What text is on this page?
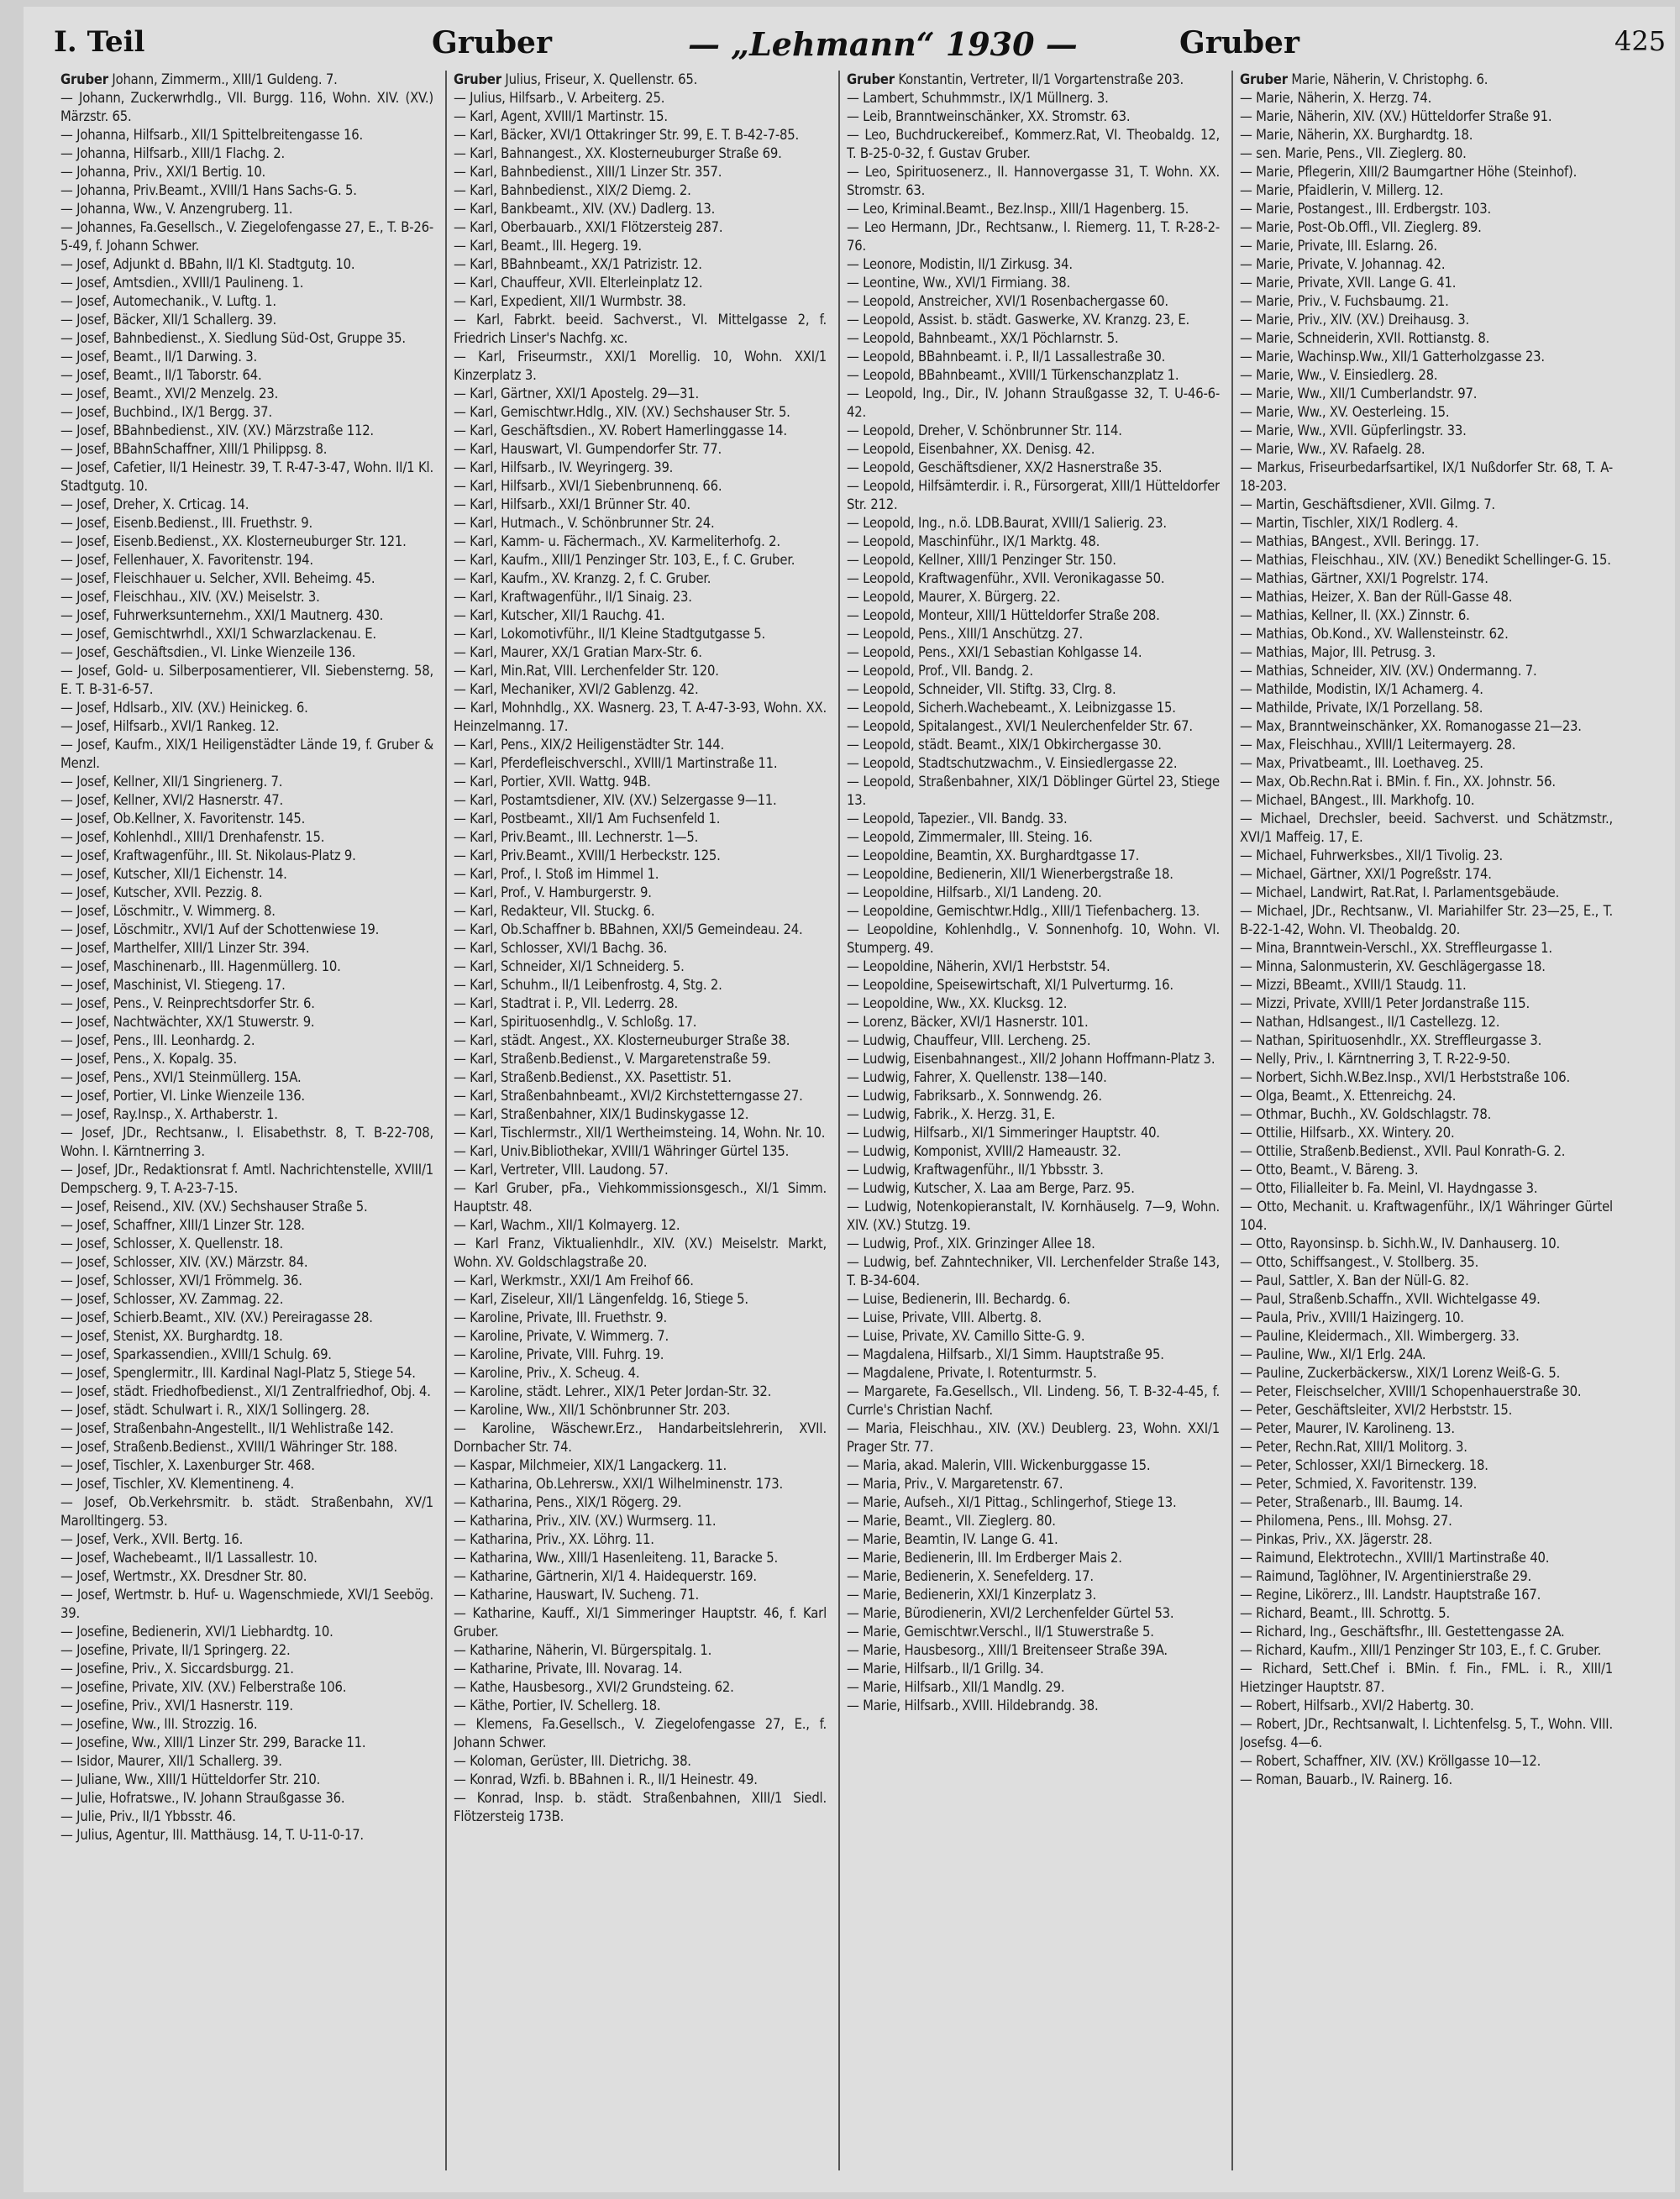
I. Teil	Gruber	— „Lehmann“ 1930 —	Gruber	425

Gruber Johann, Zimmerm., XIII/1 Guldeng. 7.

— Johann, Zuckerwrhdlg., VII. Burgg. 116, Wohn. XIV. (XV.) Märzstr. 65.

— Johanna, Hilfsarb., XII/1 Spittelbreitengasse 16.

— Johanna, Hilfsarb., XIII/1 Flachg. 2.

— Johanna, Priv., XXI/1 Bertig. 10.

— Johanna, Priv.Beamt., XVIII/1 Hans Sachs-G. 5.

— Johanna, Ww., V. Anzengruberg. 11.

— Johannes, Fa.Gesellsch., V. Ziegelofengasse 27, E., T. B-26-5-49, f. Johann Schwer.

— Josef, Adjunkt d. BBahn, II/1 Kl. Stadtgutg. 10.

— Josef, Amtsdien., XVIII/1 Paulineng. 1.

— Josef, Automechanik., V. Luftg. 1.

— Josef, Bäcker, XII/1 Schallerg. 39.

— Josef, Bahnbedienst., X. Siedlung Süd-Ost, Gruppe 35.

— Josef, Beamt., II/1 Darwing. 3.

— Josef, Beamt., II/1 Taborstr. 64.

— Josef, Beamt., XVI/2 Menzelg. 23.

— Josef, Buchbind., IX/1 Bergg. 37.

— Josef, BBahnbedienst., XIV. (XV.) Märzstraße 112.

— Josef, BBahnSchaffner, XIII/1 Philippsg. 8.

— Josef, Cafetier, II/1 Heinestr. 39, T. R-47-3-47, Wohn. II/1 Kl. Stadtgutg. 10.

— Josef, Dreher, X. Crticag. 14.

— Josef, Eisenb.Bedienst., III. Fruethstr. 9.

— Josef, Eisenb.Bedienst., XX. Klosterneuburger Str. 121.

— Josef, Fellenhauer, X. Favoritenstr. 194.

— Josef, Fleischhauer u. Selcher, XVII. Beheimg. 45.

— Josef, Fleischhau., XIV. (XV.) Meiselstr. 3.

— Josef, Fuhrwerksunternehm., XXI/1 Mautnerg. 430.

— Josef, Gemischtwrhdl., XXI/1 Schwarzlackenau. E.

— Josef, Geschäftsdien., VI. Linke Wienzeile 136.

— Josef, Gold- u. Silberposamentierer, VII. Siebensterng. 58, E. T. B-31-6-57.

— Josef, Hdlsarb., XIV. (XV.) Heinickeg. 6.

— Josef, Hilfsarb., XVI/1 Rankeg. 12.

— Josef, Kaufm., XIX/1 Heiligenstädter Lände 19, f. Gruber & Menzl.

— Josef, Kellner, XII/1 Singrienerg. 7.

— Josef, Kellner, XVI/2 Hasnerstr. 47.

— Josef, Ob.Kellner, X. Favoritenstr. 145.

— Josef, Kohlenhdl., XIII/1 Drenhafenstr. 15.

— Josef, Kraftwagenführ., III. St. Nikolaus-Platz 9.

— Josef, Kutscher, XII/1 Eichenstr. 14.

— Josef, Kutscher, XVII. Pezzig. 8.

— Josef, Löschmitr., V. Wimmerg. 8.

— Josef, Löschmitr., XVI/1 Auf der Schottenwiese 19.

— Josef, Marthelfer, XIII/1 Linzer Str. 394.

— Josef, Maschinenarb., III. Hagenmüllerg. 10.

— Josef, Maschinist, VI. Stiegeng. 17.

— Josef, Pens., V. Reinprechtsdorfer Str. 6.

— Josef, Nachtwächter, XX/1 Stuwerstr. 9.

— Josef, Pens., III. Leonhardg. 2.

— Josef, Pens., X. Kopalg. 35.

— Josef, Pens., XVI/1 Steinmüllerg. 15A.

— Josef, Portier, VI. Linke Wienzeile 136.

— Josef, Ray.Insp., X. Arthaberstr. 1.

— Josef, JDr., Rechtsanw., I. Elisabethstr. 8, T. B-22-708, Wohn. I. Kärntnerring 3.

— Josef, JDr., Redaktionsrat f. Amtl. Nachrichtenstelle, XVIII/1 Dempscherg. 9, T. A-23-7-15.

— Josef, Reisend., XIV. (XV.) Sechshauser Straße 5.

— Josef, Schaffner, XIII/1 Linzer Str. 128.

— Josef, Schlosser, X. Quellenstr. 18.

— Josef, Schlosser, XIV. (XV.) Märzstr. 84.

— Josef, Schlosser, XVI/1 Frömmelg. 36.

— Josef, Schlosser, XV. Zammag. 22.

— Josef, Schierb.Beamt., XIV. (XV.) Pereiragasse 28.

— Josef, Stenist, XX. Burghardtg. 18.

— Josef, Sparkassendien., XVIII/1 Schulg. 69.

— Josef, Spenglermitr., III. Kardinal Nagl-Platz 5, Stiege 54.

— Josef, städt. Friedhofbedienst., XI/1 Zentralfriedhof, Obj. 4.

— Josef, städt. Schulwart i. R., XIX/1 Sollingerg. 28.

— Josef, Straßenbahn-Angestellt., II/1 Wehlistraße 142.

— Josef, Straßenb.Bedienst., XVIII/1 Währinger Str. 188.

— Josef, Tischler, X. Laxenburger Str. 468.

— Josef, Tischler, XV. Klementineng. 4.

— Josef, Ob.Verkehrsmitr. b. städt. Straßenbahn, XV/1 Marolltingerg. 53.

— Josef, Verk., XVII. Bertg. 16.

— Josef, Wachebeamt., II/1 Lassallestr. 10.

— Josef, Wertmstr., XX. Dresdner Str. 80.

— Josef, Wertmstr. b. Huf- u. Wagenschmiede, XVI/1 Seebög. 39.

— Josefine, Bedienerin, XVI/1 Liebhardtg. 10.

— Josefine, Private, II/1 Springerg. 22.

— Josefine, Priv., X. Siccardsburgg. 21.

— Josefine, Private, XIV. (XV.) Felberstraße 106.

— Josefine, Priv., XVI/1 Hasnerstr. 119.

— Josefine, Ww., III. Strozzig. 16.

— Josefine, Ww., XIII/1 Linzer Str. 299, Baracke 11.

— Isidor, Maurer, XII/1 Schallerg. 39.

— Juliane, Ww., XIII/1 Hütteldorfer Str. 210.

— Julie, Hofratswe., IV. Johann Straußgasse 36.

— Julie, Priv., II/1 Ybbsstr. 46.

— Julius, Agentur, III. Matthäusg. 14, T. U-11-0-17.

Gruber Julius, Friseur, X. Quellenstr. 65.

— Julius, Hilfsarb., V. Arbeiterg. 25.

— Karl, Agent, XVIII/1 Martinstr. 15.

— Karl, Bäcker, XVI/1 Ottakringer Str. 99, E. T. B-42-7-85.

— Karl, Bahnangest., XX. Klosterneuburger Straße 69.

— Karl, Bahnbedienst., XIII/1 Linzer Str. 357.

— Karl, Bahnbedienst., XIX/2 Diemg. 2.

— Karl, Bankbeamt., XIV. (XV.) Dadlerg. 13.

— Karl, Oberbauarb., XXI/1 Flötzersteig 287.

— Karl, Beamt., III. Hegerg. 19.

— Karl, BBahnbeamt., XX/1 Patrizistr. 12.

— Karl, Chauffeur, XVII. Elterleinplatz 12.

— Karl, Expedient, XII/1 Wurmbstr. 38.

— Karl, Fabrkt. beeid. Sachverst., VI. Mittelgasse 2, f. Friedrich Linser's Nachfg. xc.

— Karl, Friseurmstr., XXI/1 Morellig. 10, Wohn. XXI/1 Kinzerplatz 3.

— Karl, Gärtner, XXI/1 Apostelg. 29—31.

— Karl, Gemischtwr.Hdlg., XIV. (XV.) Sechshauser Str. 5.

— Karl, Geschäftsdien., XV. Robert Hamerlinggasse 14.

— Karl, Hauswart, VI. Gumpendorfer Str. 77.

— Karl, Hilfsarb., IV. Weyringerg. 39.

— Karl, Hilfsarb., XVI/1 Siebenbrunnenq. 66.

— Karl, Hilfsarb., XXI/1 Brünner Str. 40.

— Karl, Hutmach., V. Schönbrunner Str. 24.

— Karl, Kamm- u. Fächermach., XV. Karmeliterhofg. 2.

— Karl, Kaufm., XIII/1 Penzinger Str. 103, E., f. C. Gruber.

— Karl, Kaufm., XV. Kranzg. 2, f. C. Gruber.

— Karl, Kraftwagenführ., II/1 Sinaig. 23.

— Karl, Kutscher, XII/1 Rauchg. 41.

— Karl, Lokomotivführ., II/1 Kleine Stadtgutgasse 5.

— Karl, Maurer, XX/1 Gratian Marx-Str. 6.

— Karl, Min.Rat, VIII. Lerchenfelder Str. 120.

— Karl, Mechaniker, XVI/2 Gablenzg. 42.

— Karl, Mohnhdlg., XX. Wasnerg. 23, T. A-47-3-93, Wohn. XX. Heinzelmanng. 17.

— Karl, Pens., XIX/2 Heiligenstädter Str. 144.

— Karl, Pferdefleischverschl., XVIII/1 Martinstraße 11.

— Karl, Portier, XVII. Wattg. 94B.

— Karl, Postamtsdiener, XIV. (XV.) Selzergasse 9—11.

— Karl, Postbeamt., XII/1 Am Fuchsenfeld 1.

— Karl, Priv.Beamt., III. Lechnerstr. 1—5.

— Karl, Priv.Beamt., XVIII/1 Herbeckstr. 125.

— Karl, Prof., I. Stoß im Himmel 1.

— Karl, Prof., V. Hamburgerstr. 9.

— Karl, Redakteur, VII. Stuckg. 6.

— Karl, Ob.Schaffner b. BBahnen, XXI/5 Gemeindeau. 24.

— Karl, Schlosser, XVI/1 Bachg. 36.

— Karl, Schneider, XI/1 Schneiderg. 5.

— Karl, Schuhm., II/1 Leibenfrostg. 4, Stg. 2.

— Karl, Stadtrat i. P., VII. Lederrg. 28.

— Karl, Spirituosenhdlg., V. Schloßg. 17.

— Karl, städt. Angest., XX. Klosterneuburger Straße 38.

— Karl, Straßenb.Bedienst., V. Margaretenstraße 59.

— Karl, Straßenb.Bedienst., XX. Pasettistr. 51.

— Karl, Straßenbahnbeamt., XVI/2 Kirchstetterngasse 27.

— Karl, Straßenbahner, XIX/1 Budinskygasse 12.

— Karl, Tischlermstr., XII/1 Wertheimsteing. 14, Wohn. Nr. 10.

— Karl, Univ.Bibliothekar, XVIII/1 Währinger Gürtel 135.

— Karl, Vertreter, VIII. Laudong. 57.

— Karl Gruber, pFa., Viehkommissionsgesch., XI/1 Simm. Hauptstr. 48.

— Karl, Wachm., XII/1 Kolmayerg. 12.

— Karl Franz, Viktualienhdlr., XIV. (XV.) Meiselstr. Markt, Wohn. XV. Goldschlagstraße 20.

— Karl, Werkmstr., XXI/1 Am Freihof 66.

— Karl, Ziseleur, XII/1 Längenfeldg. 16, Stiege 5.

— Karoline, Private, III. Fruethstr. 9.

— Karoline, Private, V. Wimmerg. 7.

— Karoline, Private, VIII. Fuhrg. 19.

— Karoline, Priv., X. Scheug. 4.

— Karoline, städt. Lehrer., XIX/1 Peter Jordan-Str. 32.

— Karoline, Ww., XII/1 Schönbrunner Str. 203.

— Karoline, Wäschewr.Erz., Handarbeitslehrerin, XVII. Dornbacher Str. 74.

— Kaspar, Milchmeier, XIX/1 Langackerg. 11.

— Katharina, Ob.Lehrersw., XXI/1 Wilhelminenstr. 173.

— Katharina, Pens., XIX/1 Rögerg. 29.

— Katharina, Priv., XIV. (XV.) Wurmserg. 11.

— Katharina, Priv., XX. Löhrg. 11.

— Katharina, Ww., XIII/1 Hasenleiteng. 11, Baracke 5.

— Katharine, Gärtnerin, XI/1 4. Haidequerstr. 169.

— Katharine, Hauswart, IV. Sucheng. 71.

— Katharine, Kauff., XI/1 Simmeringer Hauptstr. 46, f. Karl Gruber.

— Katharine, Näherin, VI. Bürgerspitalg. 1.

— Katharine, Private, III. Novarag. 14.

— Kathe, Hausbesorg., XVI/2 Grundsteing. 62.

— Käthe, Portier, IV. Schellerg. 18.

— Klemens, Fa.Gesellsch., V. Ziegelofengasse 27, E., f. Johann Schwer.

— Koloman, Gerüster, III. Dietrichg. 38.

— Konrad, Wzfi. b. BBahnen i. R., II/1 Heinestr. 49.

— Konrad, Insp. b. städt. Straßenbahnen, XIII/1 Siedl. Flötzersteig 173B.

Gruber Konstantin, Vertreter, II/1 Vorgartenstraße 203.

— Lambert, Schuhmmstr., IX/1 Müllnerg. 3.

— Leib, Branntweinschänker, XX. Stromstr. 63.

— Leo, Buchdruckereibef., Kommerz.Rat, VI. Theobaldg. 12, T. B-25-0-32, f. Gustav Gruber.

— Leo, Spirituosenerz., II. Hannovergasse 31, T. Wohn. XX. Stromstr. 63.

— Leo, Kriminal.Beamt., Bez.Insp., XIII/1 Hagenberg. 15.

— Leo Hermann, JDr., Rechtsanw., I. Riemerg. 11, T. R-28-2-76.

— Leonore, Modistin, II/1 Zirkusg. 34.

— Leontine, Ww., XVI/1 Firmiang. 38.

— Leopold, Anstreicher, XVI/1 Rosenbachergasse 60.

— Leopold, Assist. b. städt. Gaswerke, XV. Kranzg. 23, E.

— Leopold, Bahnbeamt., XX/1 Pöchlarnstr. 5.

— Leopold, BBahnbeamt. i. P., II/1 Lassallestraße 30.

— Leopold, BBahnbeamt., XVIII/1 Türkenschanzplatz 1.

— Leopold, Ing., Dir., IV. Johann Straußgasse 32, T. U-46-6-42.

— Leopold, Dreher, V. Schönbrunner Str. 114.

— Leopold, Eisenbahner, XX. Denisg. 42.

— Leopold, Geschäftsdiener, XX/2 Hasnerstraße 35.

— Leopold, Hilfsämterdir. i. R., Fürsorgerat, XIII/1 Hütteldorfer Str. 212.

— Leopold, Ing., n.ö. LDB.Baurat, XVIII/1 Salierig. 23.

— Leopold, Maschinführ., IX/1 Marktg. 48.

— Leopold, Kellner, XIII/1 Penzinger Str. 150.

— Leopold, Kraftwagenführ., XVII. Veronikagasse 50.

— Leopold, Maurer, X. Bürgerg. 22.

— Leopold, Monteur, XIII/1 Hütteldorfer Straße 208.

— Leopold, Pens., XIII/1 Anschützg. 27.

— Leopold, Pens., XXI/1 Sebastian Kohlgasse 14.

— Leopold, Prof., VII. Bandg. 2.

— Leopold, Schneider, VII. Stiftg. 33, Clrg. 8.

— Leopold, Sicherh.Wachebeamt., X. Leibnizgasse 15.

— Leopold, Spitalangest., XVI/1 Neulerchenfelder Str. 67.

— Leopold, städt. Beamt., XIX/1 Obkirchergasse 30.

— Leopold, Stadtschutzwachm., V. Einsiedlergasse 22.

— Leopold, Straßenbahner, XIX/1 Döblinger Gürtel 23, Stiege 13.

— Leopold, Tapezier., VII. Bandg. 33.

— Leopold, Zimmermaler, III. Steing. 16.

— Leopoldine, Beamtin, XX. Burghardtgasse 17.

— Leopoldine, Bedienerin, XII/1 Wienerbergstraße 18.

— Leopoldine, Hilfsarb., XI/1 Landeng. 20.

— Leopoldine, Gemischtwr.Hdlg., XIII/1 Tiefenbacherg. 13.

— Leopoldine, Kohlenhdlg., V. Sonnenhofg. 10, Wohn. VI. Stumperg. 49.

— Leopoldine, Näherin, XVI/1 Herbststr. 54.

— Leopoldine, Speisewirtschaft, XI/1 Pulverturmg. 16.

— Leopoldine, Ww., XX. Klucksg. 12.

— Lorenz, Bäcker, XVI/1 Hasnerstr. 101.

— Ludwig, Chauffeur, VIII. Lercheng. 25.

— Ludwig, Eisenbahnangest., XII/2 Johann Hoffmann-Platz 3.

— Ludwig, Fahrer, X. Quellenstr. 138—140.

— Ludwig, Fabriksarb., X. Sonnwendg. 26.

— Ludwig, Fabrik., X. Herzg. 31, E.

— Ludwig, Hilfsarb., XI/1 Simmeringer Hauptstr. 40.

— Ludwig, Komponist, XVIII/2 Hameaustr. 32.

— Ludwig, Kraftwagenführ., II/1 Ybbsstr. 3.

— Ludwig, Kutscher, X. Laa am Berge, Parz. 95.

— Ludwig, Notenkopieranstalt, IV. Kornhäuselg. 7—9, Wohn. XIV. (XV.) Stutzg. 19.

— Ludwig, Prof., XIX. Grinzinger Allee 18.

— Ludwig, bef. Zahntechniker, VII. Lerchenfelder Straße 143, T. B-34-604.

— Luise, Bedienerin, III. Bechardg. 6.

— Luise, Private, VIII. Albertg. 8.

— Luise, Private, XV. Camillo Sitte-G. 9.

— Magdalena, Hilfsarb., XI/1 Simm. Hauptstraße 95.

— Magdalene, Private, I. Rotenturmstr. 5.

— Margarete, Fa.Gesellsch., VII. Lindeng. 56, T. B-32-4-45, f. Currle's Christian Nachf.

— Maria, Fleischhau., XIV. (XV.) Deublerg. 23, Wohn. XXI/1 Prager Str. 77.

— Maria, akad. Malerin, VIII. Wickenburggasse 15.

— Maria, Priv., V. Margaretenstr. 67.

— Marie, Aufseh., XI/1 Pittag., Schlingerhof, Stiege 13.

— Marie, Beamt., VII. Zieglerg. 80.

— Marie, Beamtin, IV. Lange G. 41.

— Marie, Bedienerin, III. Im Erdberger Mais 2.

— Marie, Bedienerin, X. Senefelderg. 17.

— Marie, Bedienerin, XXI/1 Kinzerplatz 3.

— Marie, Bürodienerin, XVI/2 Lerchenfelder Gürtel 53.

— Marie, Gemischtwr.Verschl., II/1 Stuwerstraße 5.

— Marie, Hausbesorg., XIII/1 Breitenseer Straße 39A.

— Marie, Hilfsarb., II/1 Grillg. 34.

— Marie, Hilfsarb., XII/1 Mandlg. 29.

— Marie, Hilfsarb., XVIII. Hildebrandg. 38.

Gruber Marie, Näherin, V. Christophg. 6.

— Marie, Näherin, X. Herzg. 74.

— Marie, Näherin, XIV. (XV.) Hütteldorfer Straße 91.

— Marie, Näherin, XX. Burghardtg. 18.

— sen. Marie, Pens., VII. Zieglerg. 80.

— Marie, Pflegerin, XIII/2 Baumgartner Höhe (Steinhof).

— Marie, Pfaidlerin, V. Millerg. 12.

— Marie, Postangest., III. Erdbergstr. 103.

— Marie, Post-Ob.Offl., VII. Zieglerg. 89.

— Marie, Private, III. Eslarng. 26.

— Marie, Private, V. Johannag. 42.

— Marie, Private, XVII. Lange G. 41.

— Marie, Priv., V. Fuchsbaumg. 21.

— Marie, Priv., XIV. (XV.) Dreihausg. 3.

— Marie, Schneiderin, XVII. Rottianstg. 8.

— Marie, Wachinsp.Ww., XII/1 Gatterholzgasse 23.

— Marie, Ww., V. Einsiedlerg. 28.

— Marie, Ww., XII/1 Cumberlandstr. 97.

— Marie, Ww., XV. Oesterleing. 15.

— Marie, Ww., XVII. Güpferlingstr. 33.

— Marie, Ww., XV. Rafaelg. 28.

— Markus, Friseurbedarfsartikel, IX/1 Nußdorfer Str. 68, T. A-18-203.

— Martin, Geschäftsdiener, XVII. Gilmg. 7.

— Martin, Tischler, XIX/1 Rodlerg. 4.

— Mathias, BAngest., XVII. Beringg. 17.

— Mathias, Fleischhau., XIV. (XV.) Benedikt Schellinger-G. 15.

— Mathias, Gärtner, XXI/1 Pogrelstr. 174.

— Mathias, Heizer, X. Ban der Rüll-Gasse 48.

— Mathias, Kellner, II. (XX.) Zinnstr. 6.

— Mathias, Ob.Kond., XV. Wallensteinstr. 62.

— Mathias, Major, III. Petrusg. 3.

— Mathias, Schneider, XIV. (XV.) Ondermanng. 7.

— Mathilde, Modistin, IX/1 Achamerg. 4.

— Mathilde, Private, IX/1 Porzellang. 58.

— Max, Branntweinschänker, XX. Romanogasse 21—23.

— Max, Fleischhau., XVIII/1 Leitermayerg. 28.

— Max, Privatbeamt., III. Loethaveg. 25.

— Max, Ob.Rechn.Rat i. BMin. f. Fin., XX. Johnstr. 56.

— Michael, BAngest., III. Markhofg. 10.

— Michael, Drechsler, beeid. Sachverst. und Schätzmstr., XVI/1 Maffeig. 17, E.

— Michael, Fuhrwerksbes., XII/1 Tivolig. 23.

— Michael, Gärtner, XXI/1 Pogreßstr. 174.

— Michael, Landwirt, Rat.Rat, I. Parlamentsgebäude.

— Michael, JDr., Rechtsanw., VI. Mariahilfer Str. 23—25, E., T. B-22-1-42, Wohn. VI. Theobaldg. 20.

— Mina, Branntwein-Verschl., XX. Streffleurgasse 1.

— Minna, Salonmusterin, XV. Geschlägergasse 18.

— Mizzi, BBeamt., XVIII/1 Staudg. 11.

— Mizzi, Private, XVIII/1 Peter Jordanstraße 115.

— Nathan, Hdlsangest., II/1 Castellezg. 12.

— Nathan, Spirituosenhdlr., XX. Streffleurgasse 3.

— Nelly, Priv., I. Kärntnerring 3, T. R-22-9-50.

— Norbert, Sichh.W.Bez.Insp., XVI/1 Herbststraße 106.

— Olga, Beamt., X. Ettenreichg. 24.

— Othmar, Buchh., XV. Goldschlagstr. 78.

— Ottilie, Hilfsarb., XX. Wintery. 20.

— Ottilie, Straßenb.Bedienst., XVII. Paul Konrath-G. 2.

— Otto, Beamt., V. Bäreng. 3.

— Otto, Filialleiter b. Fa. Meinl, VI. Haydngasse 3.

— Otto, Mechanit. u. Kraftwagenführ., IX/1 Währinger Gürtel 104.

— Otto, Rayonsinsp. b. Sichh.W., IV. Danhauserg. 10.

— Otto, Schiffsangest., V. Stollberg. 35.

— Paul, Sattler, X. Ban der Nüll-G. 82.

— Paul, Straßenb.Schaffn., XVII. Wichtelgasse 49.

— Paula, Priv., XVIII/1 Haizingerg. 10.

— Pauline, Kleidermach., XII. Wimbergerg. 33.

— Pauline, Ww., XI/1 Erlg. 24A.

— Pauline, Zuckerbäckersw., XIX/1 Lorenz Weiß-G. 5.

— Peter, Fleischselcher, XVIII/1 Schopenhauerstraße 30.

— Peter, Geschäftsleiter, XVI/2 Herbststr. 15.

— Peter, Maurer, IV. Karolineng. 13.

— Peter, Rechn.Rat, XIII/1 Molitorg. 3.

— Peter, Schlosser, XXI/1 Birneckerg. 18.

— Peter, Schmied, X. Favoritenstr. 139.

— Peter, Straßenarb., III. Baumg. 14.

— Philomena, Pens., III. Mohsg. 27.

— Pinkas, Priv., XX. Jägerstr. 28.

— Raimund, Elektrotechn., XVIII/1 Martinstraße 40.

— Raimund, Taglöhner, IV. Argentinierstraße 29.

— Regine, Likörerz., III. Landstr. Hauptstraße 167.

— Richard, Beamt., III. Schrottg. 5.

— Richard, Ing., Geschäftsfhr., III. Gestettengasse 2A.

— Richard, Kaufm., XIII/1 Penzinger Str 103, E., f. C. Gruber.

— Richard, Sett.Chef i. BMin. f. Fin., FML. i. R., XIII/1 Hietzinger Hauptstr. 87.

— Robert, Hilfsarb., XVI/2 Habertg. 30.

— Robert, JDr., Rechtsanwalt, I. Lichtenfelsg. 5, T., Wohn. VIII. Josefsg. 4—6.

— Robert, Schaffner, XIV. (XV.) Kröllgasse 10—12.

— Roman, Bauarb., IV. Rainerg. 16.
